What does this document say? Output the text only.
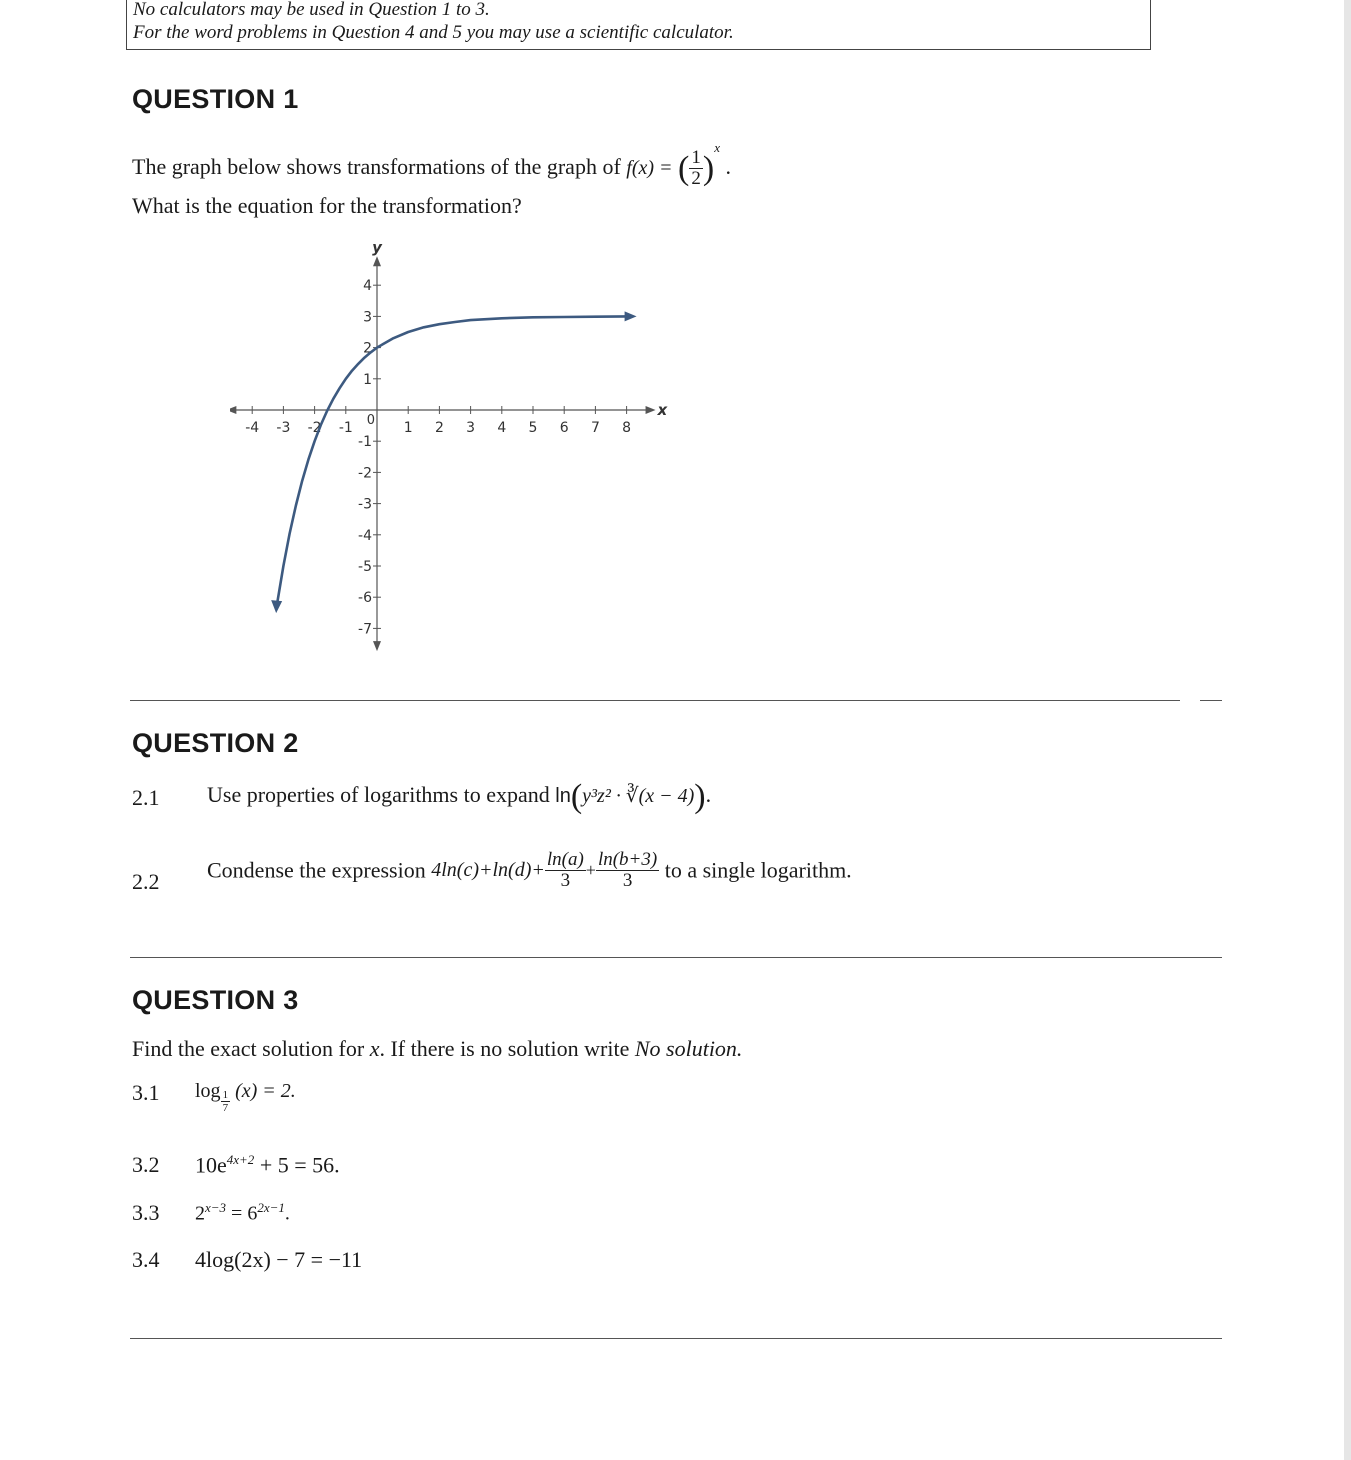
No calculators may be used in Question 1 to 3.
For the word problems in Question 4 and 5 you may use a scientific calculator.
QUESTION 1
The graph below shows transformations of the graph of f(x) = ( $\frac{1}{2} )^x$ .
What is the equation for the transformation?
-4 -3 -2 -1	1 2 3 4 5 6 7 8
4
3
2
1
-1
-2
-3
-4
-5
-6
-7
0
x
y
QUESTION 2
2.1 Use properties of logarithms to expand ln(y³z² · ∛(x − 4)).
2.2 Condense the expression $4\ln(c)+\ln(d)+ \frac{\ln(a)}{3} + \frac{\ln(b+3)}{3}$ to a single logarithm.
QUESTION 3
Find the exact solution for x. If there is no solution write No solution.
3.1 $\log \frac{1}{7} (x) = 2$.
3.2 $10e^{4x+2} + 5 = 56$.
3.3 $2^{x-3} = 6^{2x-1}$.
3.4 4log(2x) − 7 = −11
